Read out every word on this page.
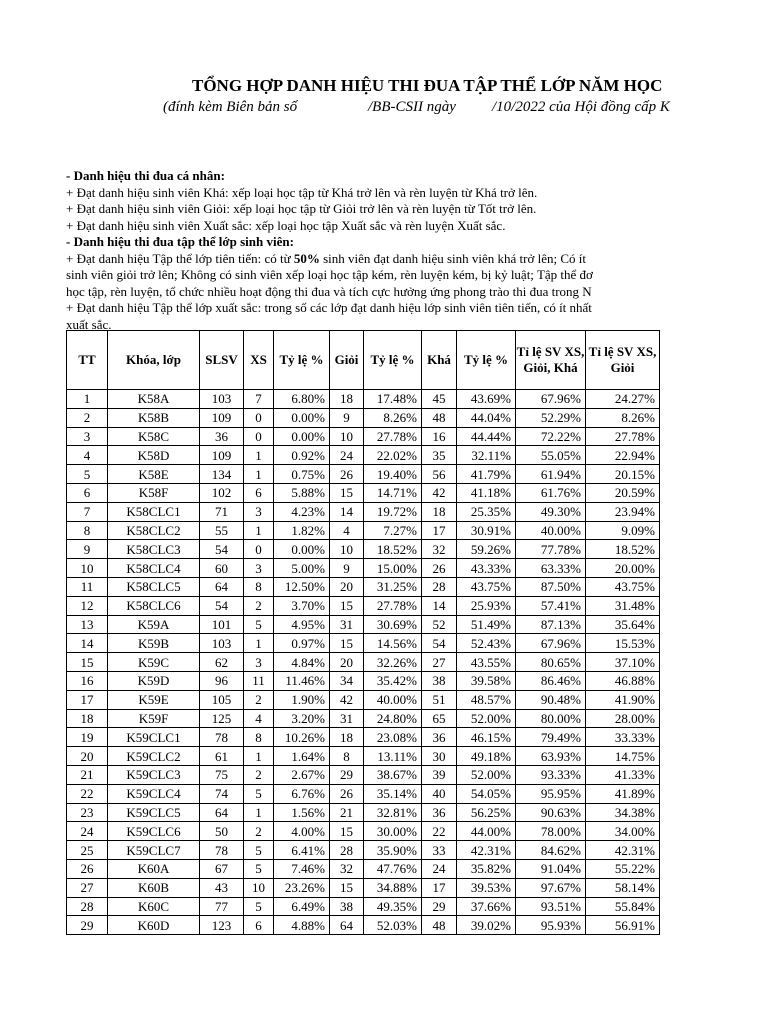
TỔNG HỢP DANH HIỆU THI ĐUA TẬP THỂ LỚP NĂM HỌC
(đính kèm Biên bản số	/BB-CSII ngày /10/2022 của Hội đồng cấp K
- Danh hiệu thi đua cá nhân:
+ Đạt danh hiệu sinh viên Khá: xếp loại học tập từ Khá trở lên và rèn luyện từ Khá trở lên.
+ Đạt danh hiệu sinh viên Giỏi: xếp loại học tập từ Giỏi trở lên và rèn luyện từ Tốt trở lên.
+ Đạt danh hiệu sinh viên Xuất sắc: xếp loại học tập Xuất sắc và rèn luyện Xuất sắc.
- Danh hiệu thi đua tập thể lớp sinh viên:
+ Đạt danh hiệu Tập thể lớp tiên tiến: có từ 50% sinh viên đạt danh hiệu sinh viên khá trở lên; Có ít
sinh viên giỏi trở lên; Không có sinh viên xếp loại học tập kém, rèn luyện kém, bị kỷ luật; Tập thể đơ
học tập, rèn luyện, tổ chức nhiều hoạt động thi đua và tích cực hưởng ứng phong trào thi đua trong N
+ Đạt danh hiệu Tập thể lớp xuất sắc: trong số các lớp đạt danh hiệu lớp sinh viên tiên tiến, có ít nhất
xuất sắc.
TT	Khóa, lớp	SLSV	XS	Tỷ lệ %	Giỏi	Tỷ lệ %	Khá	Tỷ lệ %	Tỉ lệ SV XS, Giỏi, Khá	Tỉ lệ SV XS, Giỏi
1	K58A	103	7	6.80%	18	17.48%	45	43.69%	67.96%	24.27%
2	K58B	109	0	0.00%	9	8.26%	48	44.04%	52.29%	8.26%
3	K58C	36	0	0.00%	10	27.78%	16	44.44%	72.22%	27.78%
4	K58D	109	1	0.92%	24	22.02%	35	32.11%	55.05%	22.94%
5	K58E	134	1	0.75%	26	19.40%	56	41.79%	61.94%	20.15%
6	K58F	102	6	5.88%	15	14.71%	42	41.18%	61.76%	20.59%
7	K58CLC1	71	3	4.23%	14	19.72%	18	25.35%	49.30%	23.94%
8	K58CLC2	55	1	1.82%	4	7.27%	17	30.91%	40.00%	9.09%
9	K58CLC3	54	0	0.00%	10	18.52%	32	59.26%	77.78%	18.52%
10	K58CLC4	60	3	5.00%	9	15.00%	26	43.33%	63.33%	20.00%
11	K58CLC5	64	8	12.50%	20	31.25%	28	43.75%	87.50%	43.75%
12	K58CLC6	54	2	3.70%	15	27.78%	14	25.93%	57.41%	31.48%
13	K59A	101	5	4.95%	31	30.69%	52	51.49%	87.13%	35.64%
14	K59B	103	1	0.97%	15	14.56%	54	52.43%	67.96%	15.53%
15	K59C	62	3	4.84%	20	32.26%	27	43.55%	80.65%	37.10%
16	K59D	96	11	11.46%	34	35.42%	38	39.58%	86.46%	46.88%
17	K59E	105	2	1.90%	42	40.00%	51	48.57%	90.48%	41.90%
18	K59F	125	4	3.20%	31	24.80%	65	52.00%	80.00%	28.00%
19	K59CLC1	78	8	10.26%	18	23.08%	36	46.15%	79.49%	33.33%
20	K59CLC2	61	1	1.64%	8	13.11%	30	49.18%	63.93%	14.75%
21	K59CLC3	75	2	2.67%	29	38.67%	39	52.00%	93.33%	41.33%
22	K59CLC4	74	5	6.76%	26	35.14%	40	54.05%	95.95%	41.89%
23	K59CLC5	64	1	1.56%	21	32.81%	36	56.25%	90.63%	34.38%
24	K59CLC6	50	2	4.00%	15	30.00%	22	44.00%	78.00%	34.00%
25	K59CLC7	78	5	6.41%	28	35.90%	33	42.31%	84.62%	42.31%
26	K60A	67	5	7.46%	32	47.76%	24	35.82%	91.04%	55.22%
27	K60B	43	10	23.26%	15	34.88%	17	39.53%	97.67%	58.14%
28	K60C	77	5	6.49%	38	49.35%	29	37.66%	93.51%	55.84%
29	K60D	123	6	4.88%	64	52.03%	48	39.02%	95.93%	56.91%
